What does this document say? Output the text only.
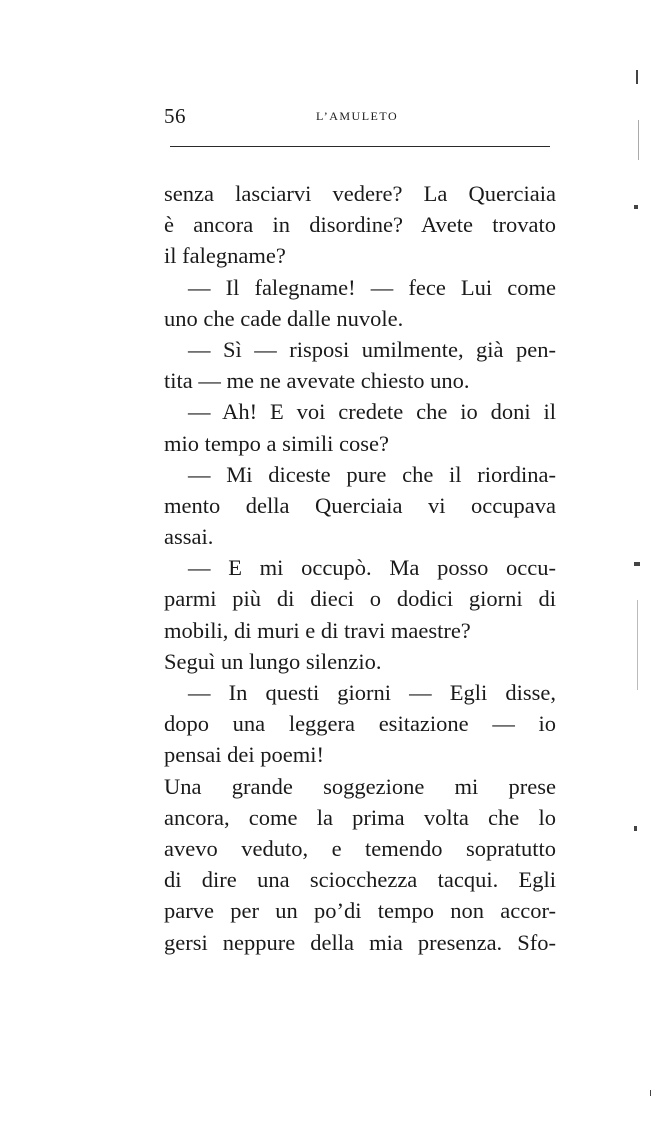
56	L’AMULETO
senza lasciarvi vedere? La Querciaia
è ancora in disordine? Avete trovato
il falegname?
— Il falegname! — fece Lui come
uno che cade dalle nuvole.
— Sì — risposi umilmente, già pen-
tita — me ne avevate chiesto uno.
— Ah! E voi credete che io doni il
mio tempo a simili cose?
— Mi diceste pure che il riordina-
mento della Querciaia vi occupava
assai.
— E mi occupò. Ma posso occu-
parmi più di dieci o dodici giorni di
mobili, di muri e di travi maestre?
Seguì un lungo silenzio.
— In questi giorni — Egli disse,
dopo una leggera esitazione — io
pensai dei poemi!
Una grande soggezione mi prese
ancora, come la prima volta che lo
avevo veduto, e temendo sopratutto
di dire una sciocchezza tacqui. Egli
parve per un po’di tempo non accor-
gersi neppure della mia presenza. Sfo-
